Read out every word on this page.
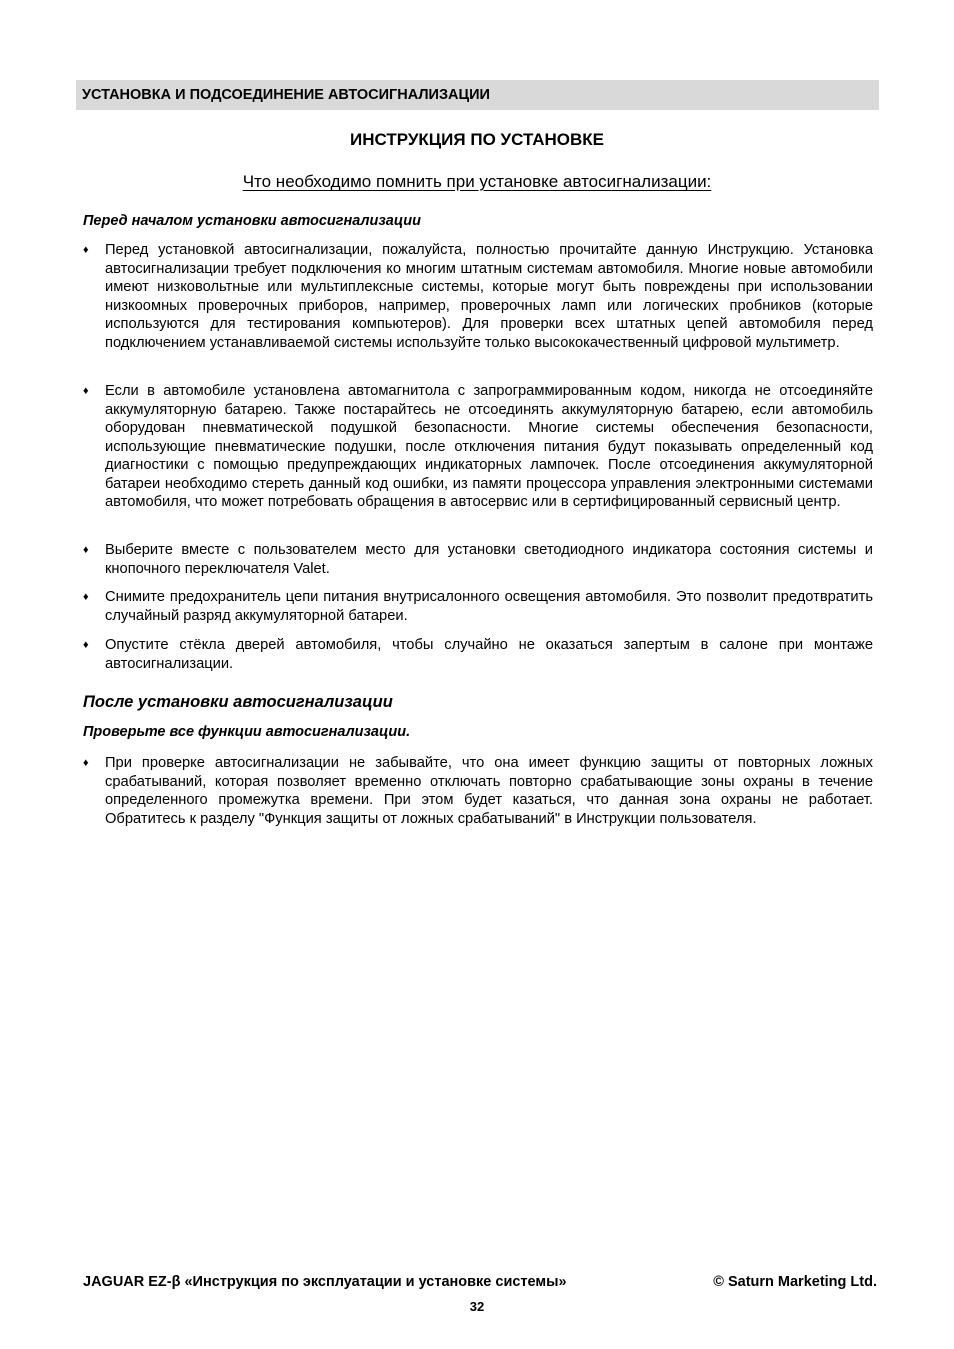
УСТАНОВКА И ПОДСОЕДИНЕНИЕ АВТОСИГНАЛИЗАЦИИ
ИНСТРУКЦИЯ ПО УСТАНОВКЕ
Что необходимо помнить при установке автосигнализации:
Перед началом установки автосигнализации
♦ Перед установкой автосигнализации, пожалуйста, полностью прочитайте данную Инструкцию. Установка автосигнализации требует подключения ко многим штатным системам автомобиля. Многие новые автомобили имеют низковольтные или мультиплексные системы, которые могут быть повреждены при использовании низкоомных проверочных приборов, например, проверочных ламп или логических пробников (которые используются для тестирования компьютеров). Для проверки всех штатных цепей автомобиля перед подключением устанавливаемой системы используйте только высококачественный цифровой мультиметр.
♦ Если в автомобиле установлена автомагнитола с запрограммированным кодом, никогда не отсоединяйте аккумуляторную батарею. Также постарайтесь не отсоединять аккумуляторную батарею, если автомобиль оборудован пневматической подушкой безопасности. Многие системы обеспечения безопасности, использующие пневматические подушки, после отключения питания будут показывать определенный код диагностики с помощью предупреждающих индикаторных лампочек. После отсоединения аккумуляторной батареи необходимо стереть данный код ошибки, из памяти процессора управления электронными системами автомобиля, что может потребовать обращения в автосервис или в сертифицированный сервисный центр.
♦ Выберите вместе с пользователем место для установки светодиодного индикатора состояния системы и кнопочного переключателя Valet.
♦ Снимите предохранитель цепи питания внутрисалонного освещения автомобиля. Это позволит предотвратить случайный разряд аккумуляторной батареи.
♦ Опустите стёкла дверей автомобиля, чтобы случайно не оказаться запертым в салоне при монтаже автосигнализации.
После установки автосигнализации
Проверьте все функции автосигнализации.
♦ При проверке автосигнализации не забывайте, что она имеет функцию защиты от повторных ложных срабатываний, которая позволяет временно отключать повторно срабатывающие зоны охраны в течение определенного промежутка времени. При этом будет казаться, что данная зона охраны не работает. Обратитесь к разделу "Функция защиты от ложных срабатываний" в Инструкции пользователя.
JAGUAR EZ-β «Инструкция по эксплуатации и установке системы»	© Saturn Marketing Ltd.
32
